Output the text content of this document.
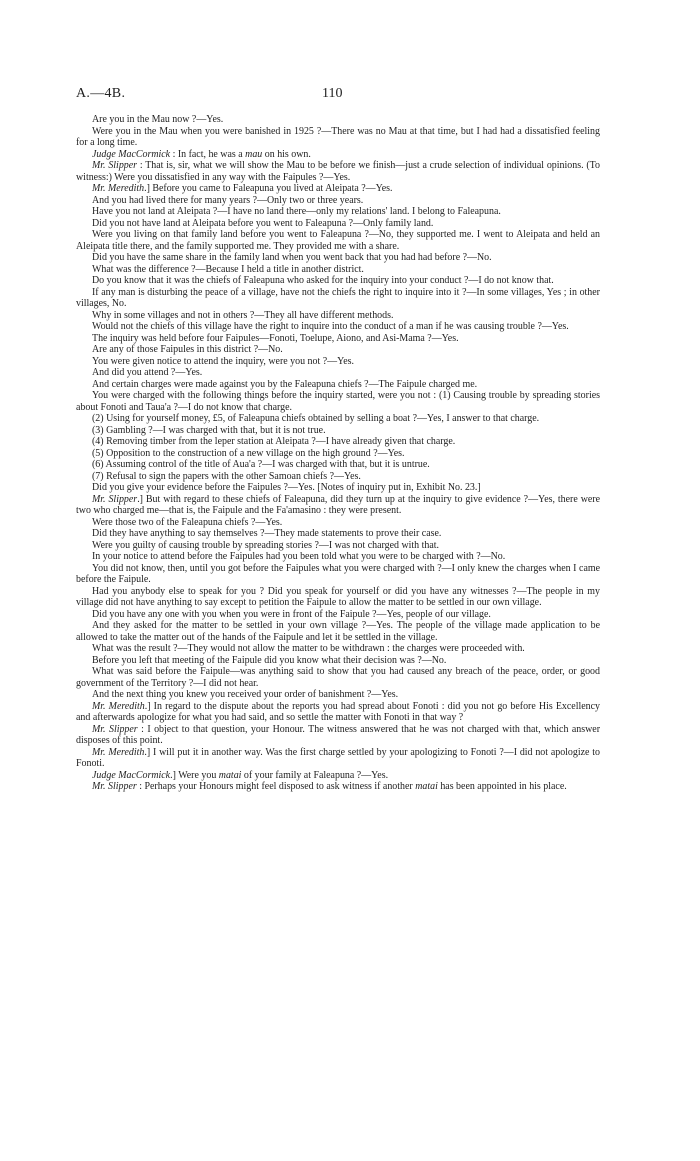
A.—4B.	110

Are you in the Mau now ?—Yes.

Were you in the Mau when you were banished in 1925 ?—There was no Mau at that time, but I had had a dissatisfied feeling for a long time.

Judge MacCormick : In fact, he was a mau on his own.

Mr. Slipper : That is, sir, what we will show the Mau to be before we finish—just a crude selection of individual opinions. (To witness:) Were you dissatisfied in any way with the Faipules ?—Yes.

Mr. Meredith.] Before you came to Faleapuna you lived at Aleipata ?—Yes.

And you had lived there for many years ?—Only two or three years.

Have you not land at Aleipata ?—I have no land there—only my relations' land. I belong to Faleapuna.

Did you not have land at Aleipata before you went to Faleapuna ?—Only family land.

Were you living on that family land before you went to Faleapuna ?—No, they supported me. I went to Aleipata and held an Aleipata title there, and the family supported me. They provided me with a share.

Did you have the same share in the family land when you went back that you had had before ?—No.

What was the difference ?—Because I held a title in another district.

Do you know that it was the chiefs of Faleapuna who asked for the inquiry into your conduct ?—I do not know that.

If any man is disturbing the peace of a village, have not the chiefs the right to inquire into it ?—In some villages, Yes ; in other villages, No.

Why in some villages and not in others ?—They all have different methods.

Would not the chiefs of this village have the right to inquire into the conduct of a man if he was causing trouble ?—Yes.

The inquiry was held before four Faipules—Fonoti, Toelupe, Aiono, and Asi-Mama ?—Yes.

Are any of those Faipules in this district ?—No.

You were given notice to attend the inquiry, were you not ?—Yes.

And did you attend ?—Yes.

And certain charges were made against you by the Faleapuna chiefs ?—The Faipule charged me.

You were charged with the following things before the inquiry started, were you not : (1) Causing trouble by spreading stories about Fonoti and Taua'a ?—I do not know that charge.

(2) Using for yourself money, £5, of Faleapuna chiefs obtained by selling a boat ?—Yes, I answer to that charge.

(3) Gambling ?—I was charged with that, but it is not true.

(4) Removing timber from the leper station at Aleipata ?—I have already given that charge.

(5) Opposition to the construction of a new village on the high ground ?—Yes.

(6) Assuming control of the title of Aua'a ?—I was charged with that, but it is untrue.

(7) Refusal to sign the papers with the other Samoan chiefs ?—Yes.

Did you give your evidence before the Faipules ?—Yes. [Notes of inquiry put in, Exhibit No. 23.]

Mr. Slipper.] But with regard to these chiefs of Faleapuna, did they turn up at the inquiry to give evidence ?—Yes, there were two who charged me—that is, the Faipule and the Fa'amasino : they were present.

Were those two of the Faleapuna chiefs ?—Yes.

Did they have anything to say themselves ?—They made statements to prove their case.

Were you guilty of causing trouble by spreading stories ?—I was not charged with that.

In your notice to attend before the Faipules had you been told what you were to be charged with ?—No.

You did not know, then, until you got before the Faipules what you were charged with ?—I only knew the charges when I came before the Faipule.

Had you anybody else to speak for you ? Did you speak for yourself or did you have any witnesses ?—The people in my village did not have anything to say except to petition the Faipule to allow the matter to be settled in our own village.

Did you have any one with you when you were in front of the Faipule ?—Yes, people of our village.

And they asked for the matter to be settled in your own village ?—Yes. The people of the village made application to be allowed to take the matter out of the hands of the Faipule and let it be settled in the village.

What was the result ?—They would not allow the matter to be withdrawn : the charges were proceeded with.

Before you left that meeting of the Faipule did you know what their decision was ?—No.

What was said before the Faipule—was anything said to show that you had caused any breach of the peace, order, or good government of the Territory ?—I did not hear.

And the next thing you knew you received your order of banishment ?—Yes.

Mr. Meredith.] In regard to the dispute about the reports you had spread about Fonoti : did you not go before His Excellency and afterwards apologize for what you had said, and so settle the matter with Fonoti in that way ?

Mr. Slipper : I object to that question, your Honour. The witness answered that he was not charged with that, which answer disposes of this point.

Mr. Meredith.] I will put it in another way. Was the first charge settled by your apologizing to Fonoti ?—I did not apologize to Fonoti.

Judge MacCormick.] Were you matai of your family at Faleapuna ?—Yes.

Mr. Slipper : Perhaps your Honours might feel disposed to ask witness if another matai has been appointed in his place.
